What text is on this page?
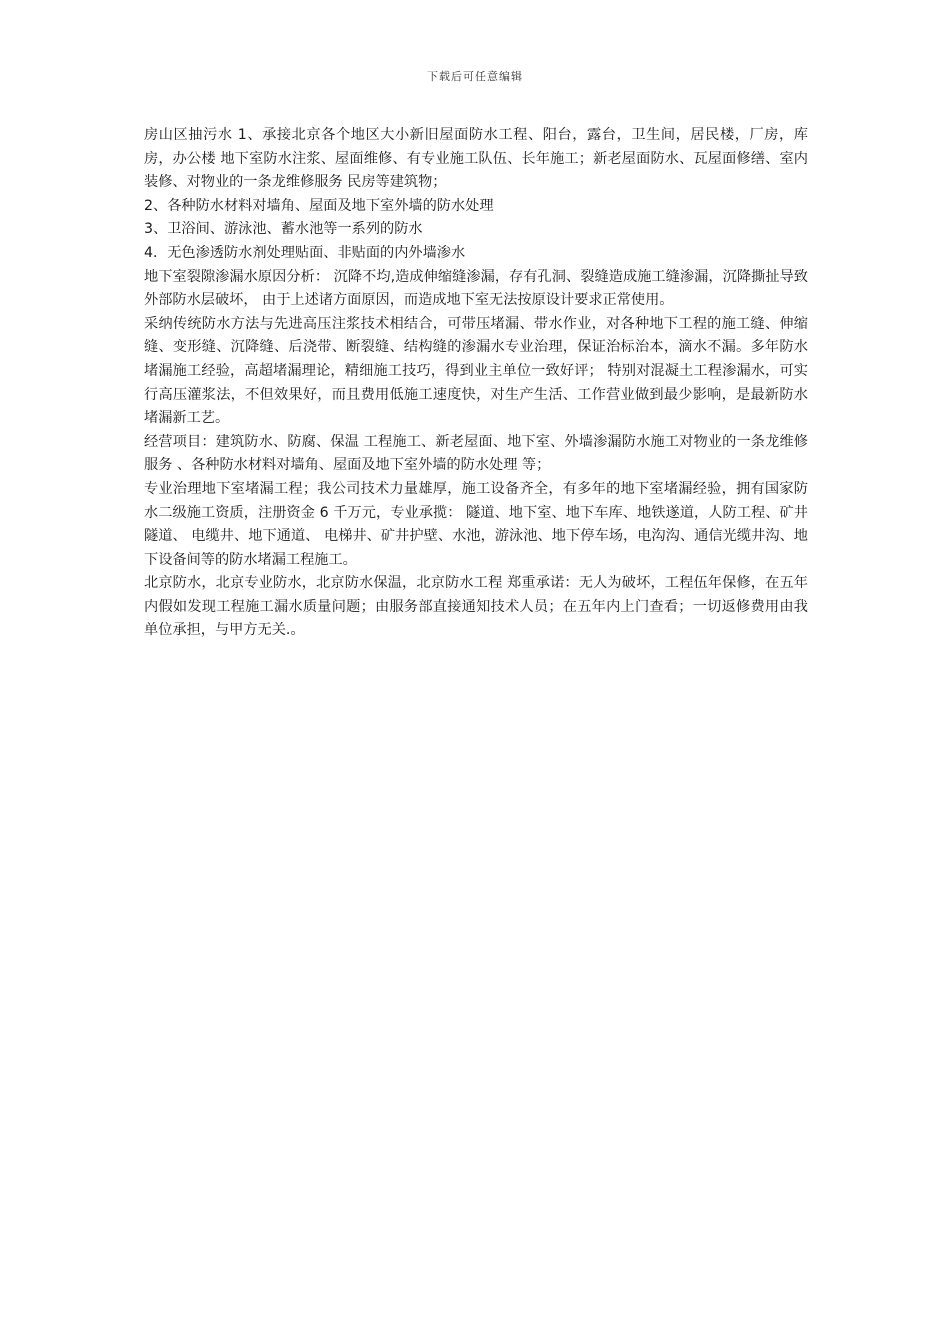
下载后可任意编辑

房山区抽污水 1、承接北京各个地区大小新旧屋面防水工程、阳台，露台，卫生间，居民楼，厂房，库房，办公楼 地下室防水注浆、屋面维修、有专业施工队伍、长年施工；新老屋面防水、瓦屋面修缮、室内装修、对物业的一条龙维修服务 民房等建筑物；

2、各种防水材料对墙角、屋面及地下室外墙的防水处理

3、卫浴间、游泳池、蓄水池等一系列的防水

4．无色渗透防水剂处理贴面、非贴面的内外墙渗水

地下室裂隙渗漏水原因分析： 沉降不均,造成伸缩缝渗漏，存有孔洞、裂缝造成施工缝渗漏，沉降撕扯导致外部防水层破坏， 由于上述诸方面原因，而造成地下室无法按原设计要求正常使用。

采纳传统防水方法与先进高压注浆技术相结合，可带压堵漏、带水作业，对各种地下工程的施工缝、伸缩缝、变形缝、沉降缝、后浇带、断裂缝、结构缝的渗漏水专业治理，保证治标治本，滴水不漏。多年防水堵漏施工经验，高超堵漏理论，精细施工技巧，得到业主单位一致好评； 特别对混凝土工程渗漏水，可实行高压灌浆法，不但效果好，而且费用低施工速度快，对生产生活、工作营业做到最少影响，是最新防水堵漏新工艺。

经营项目：建筑防水、防腐、保温 工程施工、新老屋面、地下室、外墙渗漏防水施工对物业的一条龙维修服务 、各种防水材料对墙角、屋面及地下室外墙的防水处理 等；

专业治理地下室堵漏工程；我公司技术力量雄厚，施工设备齐全，有多年的地下室堵漏经验，拥有国家防水二级施工资质，注册资金 6 千万元，专业承揽： 隧道、地下室、地下车库、地铁遂道，人防工程、矿井隧道、 电缆井、地下通道、 电梯井、矿井护壁、水池，游泳池、地下停车场，电沟沟、通信光缆井沟、地下设备间等的防水堵漏工程施工。

北京防水，北京专业防水，北京防水保温，北京防水工程 郑重承诺：无人为破坏，工程伍年保修，在五年内假如发现工程施工漏水质量问题；由服务部直接通知技术人员；在五年内上门查看；一切返修费用由我单位承担，与甲方无关.。
